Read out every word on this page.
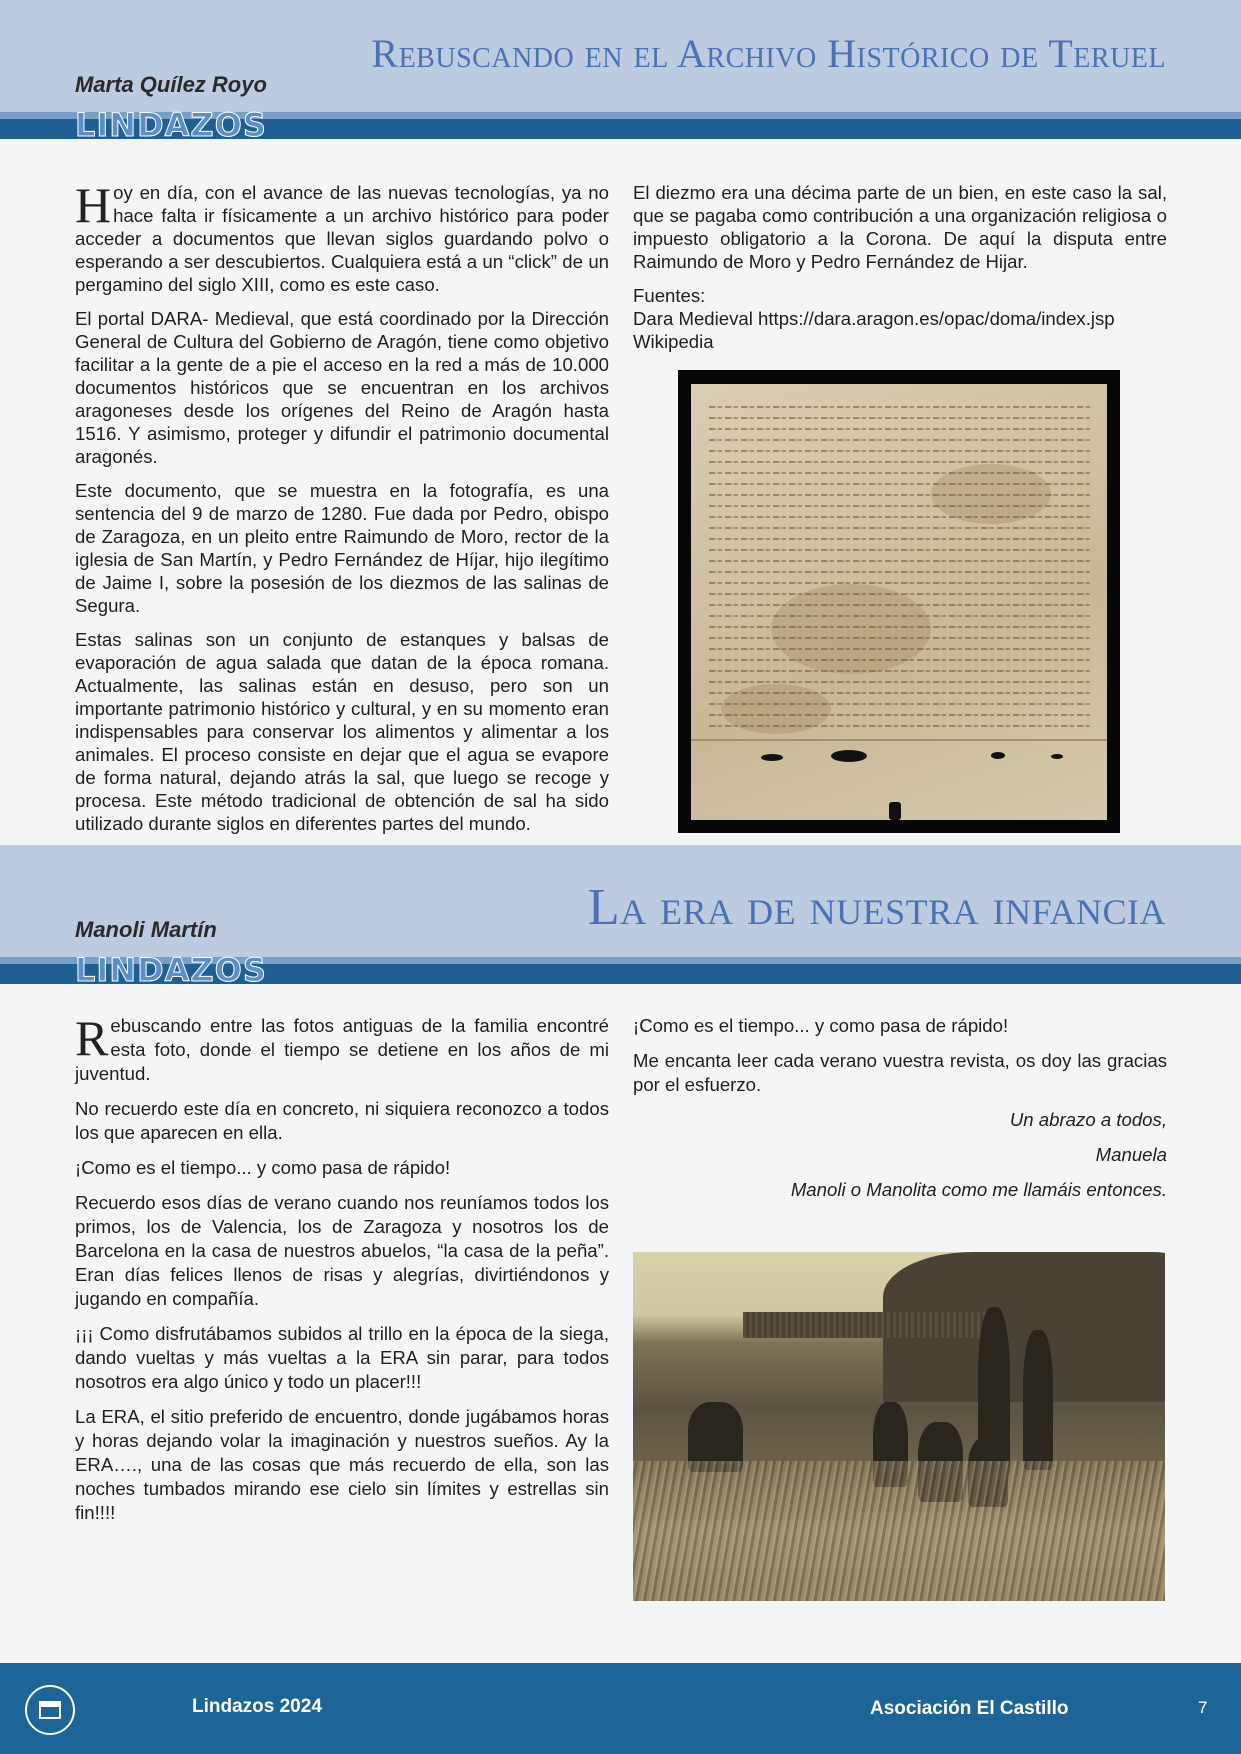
Rebuscando en el Archivo Histórico de Teruel
Marta Quílez Royo
LINDAZOS

Hoy en día, con el avance de las nuevas tecnologías, ya no hace falta ir físicamente a un archivo histórico para poder acceder a documentos que llevan siglos guardando polvo o esperando a ser descubiertos. Cualquiera está a un “click” de un pergamino del siglo XIII, como es este caso.

El portal DARA- Medieval, que está coordinado por la Dirección General de Cultura del Gobierno de Aragón, tiene como objetivo facilitar a la gente de a pie el acceso en la red a más de 10.000 documentos históricos que se encuentran en los archivos aragoneses desde los orígenes del Reino de Aragón hasta 1516. Y asimismo, proteger y difundir el patrimonio documental aragonés.

Este documento, que se muestra en la fotografía, es una sentencia del 9 de marzo de 1280. Fue dada por Pedro, obispo de Zaragoza, en un pleito entre Raimundo de Moro, rector de la iglesia de San Martín, y Pedro Fernández de Híjar, hijo ilegítimo de Jaime I, sobre la posesión de los diezmos de las salinas de Segura.

Estas salinas son un conjunto de estanques y balsas de evaporación de agua salada que datan de la época romana. Actualmente, las salinas están en desuso, pero son un importante patrimonio histórico y cultural, y en su momento eran indispensables para conservar los alimentos y alimentar a los animales. El proceso consiste en dejar que el agua se evapore de forma natural, dejando atrás la sal, que luego se recoge y procesa. Este método tradicional de obtención de sal ha sido utilizado durante siglos en diferentes partes del mundo.

El diezmo era una décima parte de un bien, en este caso la sal, que se pagaba como contribución a una organización religiosa o impuesto obligatorio a la Corona. De aquí la disputa entre Raimundo de Moro y Pedro Fernández de Hijar.

Fuentes:
Dara Medieval https://dara.aragon.es/opac/doma/index.jsp
Wikipedia
La era de nuestra infancia
Manoli Martín
LINDAZOS

Rebuscando entre las fotos antiguas de la familia encontré esta foto, donde el tiempo se detiene en los años de mi juventud.

No recuerdo este día en concreto, ni siquiera reconozco a todos los que aparecen en ella.

¡Como es el tiempo... y como pasa de rápido!

Recuerdo esos días de verano cuando nos reuníamos todos los primos, los de Valencia, los de Zaragoza y nosotros los de Barcelona en la casa de nuestros abuelos, “la casa de la peña”. Eran días felices llenos de risas y alegrías, divirtiéndonos y jugando en compañía.

¡¡¡ Como disfrutábamos subidos al trillo en la época de la siega, dando vueltas y más vueltas a la ERA sin parar, para todos nosotros era algo único y todo un placer!!!

La ERA, el sitio preferido de encuentro, donde jugábamos horas y horas dejando volar la imaginación y nuestros sueños. Ay la ERA…., una de las cosas que más recuerdo de ella, son las noches tumbados mirando ese cielo sin límites y estrellas sin fin!!!!

¡Como es el tiempo... y como pasa de rápido!

Me encanta leer cada verano vuestra revista, os doy las gracias por el esfuerzo.

Un abrazo a todos,

Manuela

Manoli o Manolita como me llamáis entonces.

Lindazos 2024	Asociación El Castillo	7
